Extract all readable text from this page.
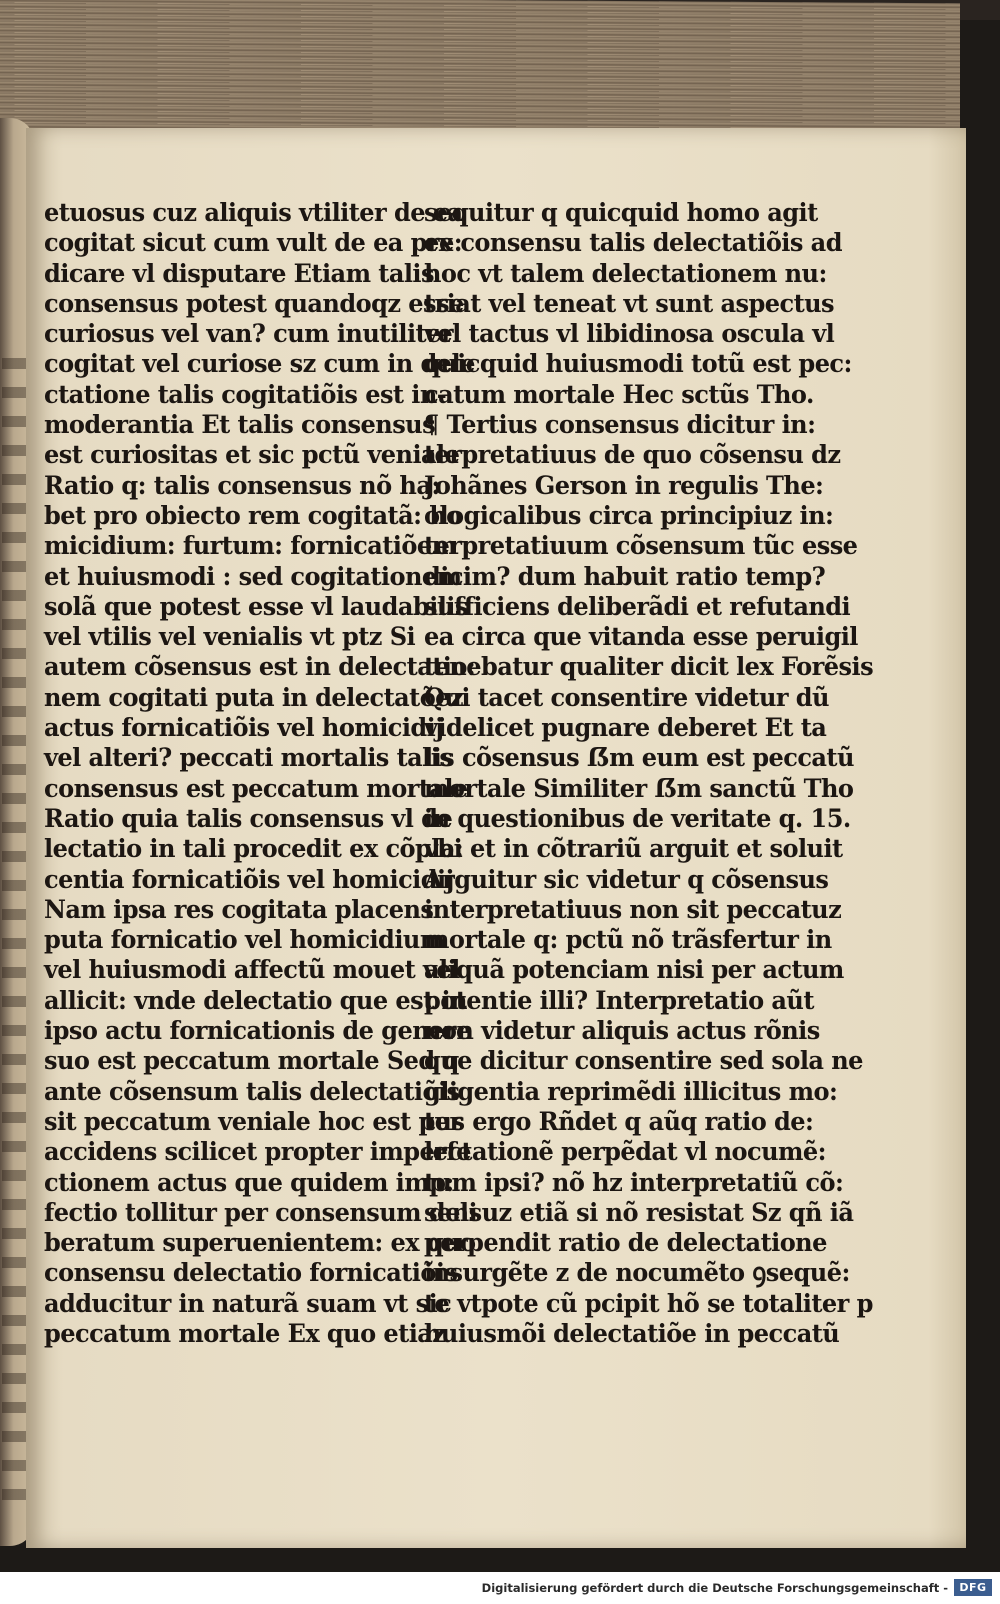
etuosus cuz aliquis vtiliter de ea
cogitat sicut cum vult de ea pre:
dicare vl disputare Etiam talis
consensus potest quandoqz esse
curiosus vel van? cum inutiliter
cogitat vel curiose sz cum in dele
ctatione talis cogitatiõis est in-
moderantia Et talis consensus
est curiositas et sic pctũ veniale
Ratio q: talis consensus nõ ha:
bet pro obiecto rem cogitatã: ho
micidium: furtum: fornicatiõem
et huiusmodi : sed cogitationem
solã que potest esse vl laudabilis
vel vtilis vel venialis vt ptz Si
autem cõsensus est in delectatio:
nem cogitati puta in delectatõez
actus fornicatiõis vel homicidij
vel alteri? peccati mortalis talis
consensus est peccatum mortale
Ratio quia talis consensus vl de
lectatio in tali procedit ex cõpla:
centia fornicatiõis vel homicidij
Nam ipsa res cogitata placens
puta fornicatio vel homicidium
vel huiusmodi affectũ mouet vel
allicit: vnde delectatio que est in
ipso actu fornicationis de genere
suo est peccatum mortale Sed q
ante cõsensum talis delectatiõis
sit peccatum veniale hoc est per
accidens scilicet propter imperfe
ctionem actus que quidem imp:
fectio tollitur per consensum deli
beratum superuenientem: ex quo
consensu delectatio fornicatiõis
adducitur in naturã suam vt sic
peccatum mortale Ex quo etiaz
sequitur q quicquid homo agit
ex consensu talis delectatiõis ad
hoc vt talem delectationem nu:
triat vel teneat vt sunt aspectus
vel tactus vl libidinosa oscula vl
quicquid huiusmodi totũ est pec:
catum mortale Hec sctũs Tho.
¶ Tertius consensus dicitur in:
terpretatiuus de quo cõsensu dz
Johãnes Gerson in regulis The:
ologicalibus circa principiuz in:
terpretatiuum cõsensum tũc esse
dicim? dum habuit ratio temp?
sufficiens deliberãdi et refutandi
ea circa que vitanda esse peruigil
tenebatur qualiter dicit lex Forẽsis
Qui tacet consentire videtur dũ
videlicet pugnare deberet Et ta
lis cõsensus ẞm eum est peccatũ
mortale Similiter ẞm sanctũ Tho
in questionibus de veritate q. 15.
vbi et in cõtrariũ arguit et soluit
Arguitur sic videtur q cõsensus
interpretatiuus non sit peccatuz
mortale q: pctũ nõ trãsfertur in
aliquã potenciam nisi per actum
potentie illi? Interpretatio aũt
non videtur aliquis actus rõnis
que dicitur consentire sed sola ne
gligentia reprimẽdi illicitus mo:
tus ergo Rñdet q aũq ratio de:
lectationẽ perpẽdat vl nocumẽ:
tum ipsi? nõ hz interpretatiũ cõ:
sensuz etiã si nõ resistat Sz qñ iã
perpendit ratio de delectatione
insurgẽte z de nocumẽto ꝯsequẽ:
te vtpote cũ pcipit hõ se totaliter p
huiusmõi delectatiõe in peccatũ
Digitalisierung gefördert durch die Deutsche Forschungsgemeinschaft -	DFG
